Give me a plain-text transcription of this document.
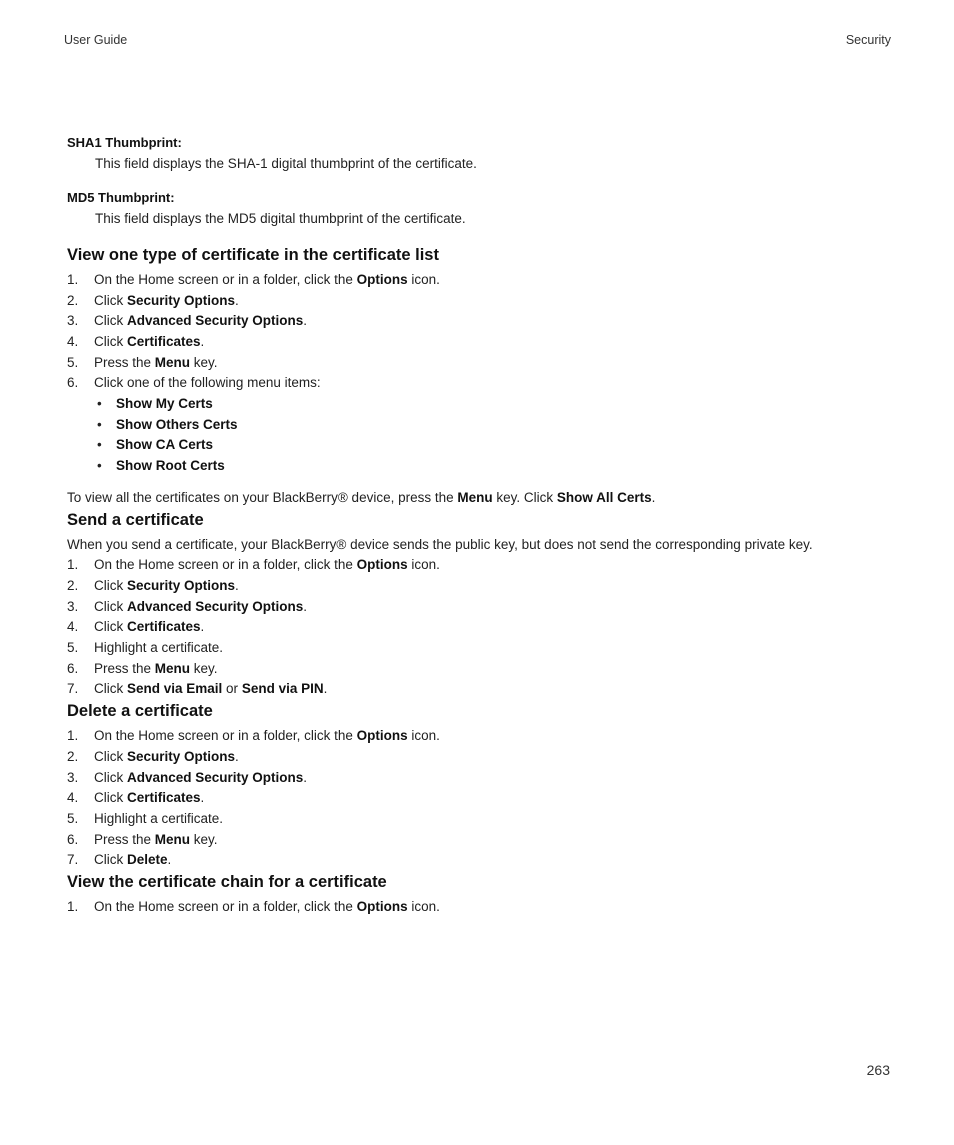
User Guide	Security

SHA1 Thumbprint:

This field displays the SHA-1 digital thumbprint of the certificate.

MD5 Thumbprint:

This field displays the MD5 digital thumbprint of the certificate.

View one type of certificate in the certificate list
1. On the Home screen or in a folder, click the Options icon.
2. Click Security Options.
3. Click Advanced Security Options.
4. Click Certificates.
5. Press the Menu key.
6. Click one of the following menu items:
• Show My Certs
• Show Others Certs
• Show CA Certs
• Show Root Certs

To view all the certificates on your BlackBerry® device, press the Menu key. Click Show All Certs.

Send a certificate

When you send a certificate, your BlackBerry® device sends the public key, but does not send the corresponding private key.

1. On the Home screen or in a folder, click the Options icon.
2. Click Security Options.
3. Click Advanced Security Options.
4. Click Certificates.
5. Highlight a certificate.
6. Press the Menu key.
7. Click Send via Email or Send via PIN.
Delete a certificate
1. On the Home screen or in a folder, click the Options icon.
2. Click Security Options.
3. Click Advanced Security Options.
4. Click Certificates.
5. Highlight a certificate.
6. Press the Menu key.
7. Click Delete.
View the certificate chain for a certificate
1. On the Home screen or in a folder, click the Options icon.
263
